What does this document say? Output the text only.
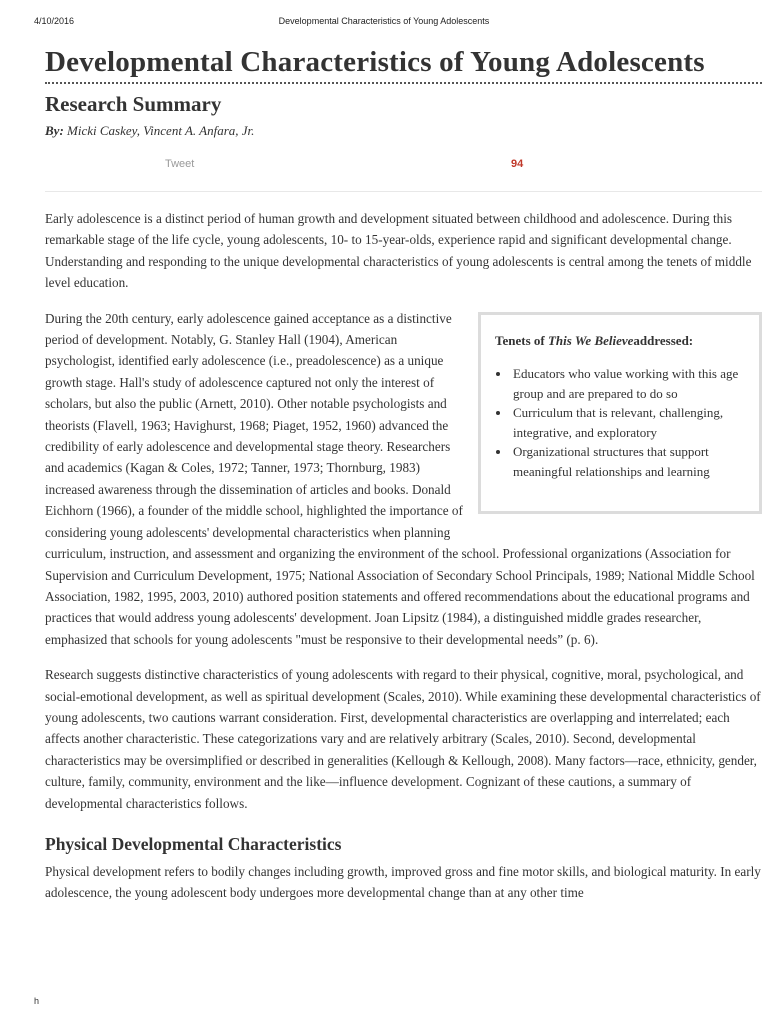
4/10/2016	Developmental Characteristics of Young Adolescents
Developmental Characteristics of Young Adolescents
Research Summary
By: Micki Caskey, Vincent A. Anfara, Jr.
Tweet	94

Early adolescence is a distinct period of human growth and development situated between childhood and adolescence. During this remarkable stage of the life cycle, young adolescents, 10- to 15-year-olds, experience rapid and significant developmental change. Understanding and responding to the unique developmental characteristics of young adolescents is central among the tenets of middle level education.

Tenets of This We Believeaddressed:
• Educators who value working with this age group and are prepared to do so
• Curriculum that is relevant, challenging, integrative, and exploratory
• Organizational structures that support meaningful relationships and learning

During the 20th century, early adolescence gained acceptance as a distinctive period of development. Notably, G. Stanley Hall (1904), American psychologist, identified early adolescence (i.e., preadolescence) as a unique growth stage. Hall's study of adolescence captured not only the interest of scholars, but also the public (Arnett, 2010). Other notable psychologists and theorists (Flavell, 1963; Havighurst, 1968; Piaget, 1952, 1960) advanced the credibility of early adolescence and developmental stage theory. Researchers and academics (Kagan & Coles, 1972; Tanner, 1973; Thornburg, 1983) increased awareness through the dissemination of articles and books. Donald Eichhorn (1966), a founder of the middle school, highlighted the importance of considering young adolescents' developmental characteristics when planning curriculum, instruction, and assessment and organizing the environment of the school. Professional organizations (Association for Supervision and Curriculum Development, 1975; National Association of Secondary School Principals, 1989; National Middle School Association, 1982, 1995, 2003, 2010) authored position statements and offered recommendations about the educational programs and practices that would address young adolescents' development. Joan Lipsitz (1984), a distinguished middle grades researcher, emphasized that schools for young adolescents "must be responsive to their developmental needs” (p. 6).

Research suggests distinctive characteristics of young adolescents with regard to their physical, cognitive, moral, psychological, and social-emotional development, as well as spiritual development (Scales, 2010). While examining these developmental characteristics of young adolescents, two cautions warrant consideration. First, developmental characteristics are overlapping and interrelated; each affects another characteristic. These categorizations vary and are relatively arbitrary (Scales, 2010). Second, developmental characteristics may be oversimplified or described in generalities (Kellough & Kellough, 2008). Many factors—race, ethnicity, gender, culture, family, community, environment and the like—influence development. Cognizant of these cautions, a summary of developmental characteristics follows.

Physical Developmental Characteristics

Physical development refers to bodily changes including growth, improved gross and fine motor skills, and biological maturity. In early adolescence, the young adolescent body undergoes more developmental change than at any other time

h
